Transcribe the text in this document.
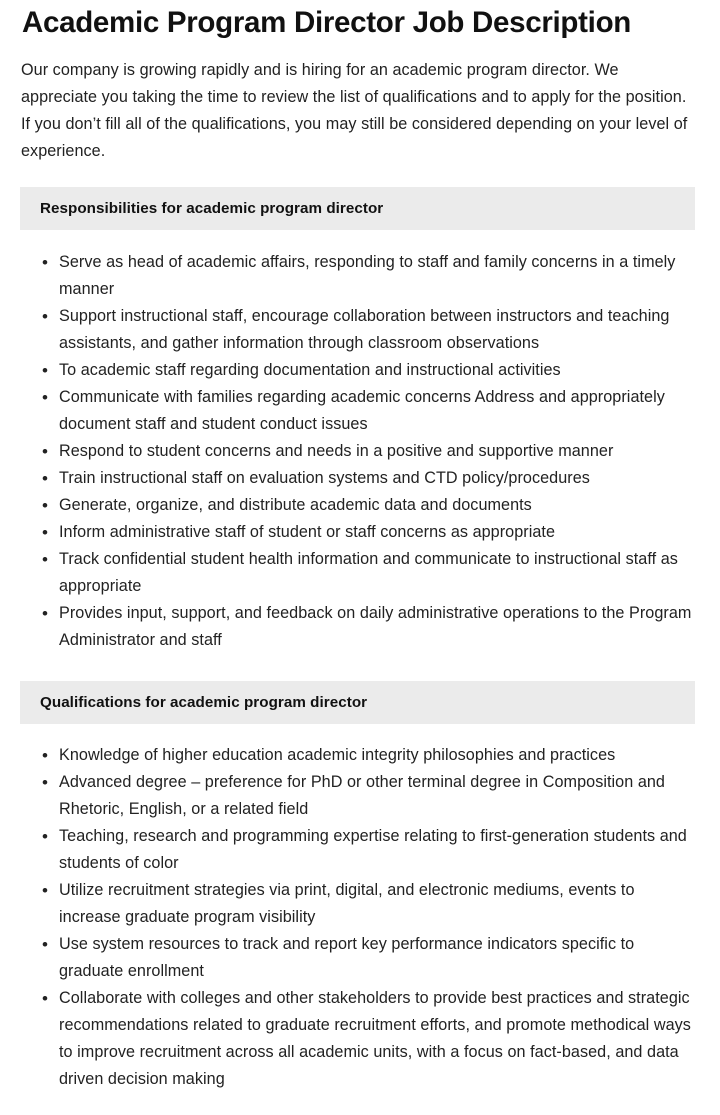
Academic Program Director Job Description

Our company is growing rapidly and is hiring for an academic program director. We appreciate you taking the time to review the list of qualifications and to apply for the position. If you don’t fill all of the qualifications, you may still be considered depending on your level of experience.

Responsibilities for academic program director
• Serve as head of academic affairs, responding to staff and family concerns in a timely manner
• Support instructional staff, encourage collaboration between instructors and teaching assistants, and gather information through classroom observations
• To academic staff regarding documentation and instructional activities
• Communicate with families regarding academic concerns Address and appropriately document staff and student conduct issues
• Respond to student concerns and needs in a positive and supportive manner
• Train instructional staff on evaluation systems and CTD policy/procedures
• Generate, organize, and distribute academic data and documents
• Inform administrative staff of student or staff concerns as appropriate
• Track confidential student health information and communicate to instructional staff as appropriate
• Provides input, support, and feedback on daily administrative operations to the Program Administrator and staff
Qualifications for academic program director
• Knowledge of higher education academic integrity philosophies and practices
• Advanced degree – preference for PhD or other terminal degree in Composition and Rhetoric, English, or a related field
• Teaching, research and programming expertise relating to first-generation students and students of color
• Utilize recruitment strategies via print, digital, and electronic mediums, events to increase graduate program visibility
• Use system resources to track and report key performance indicators specific to graduate enrollment
• Collaborate with colleges and other stakeholders to provide best practices and strategic recommendations related to graduate recruitment efforts, and promote methodical ways to improve recruitment across all academic units, with a focus on fact-based, and data driven decision making
